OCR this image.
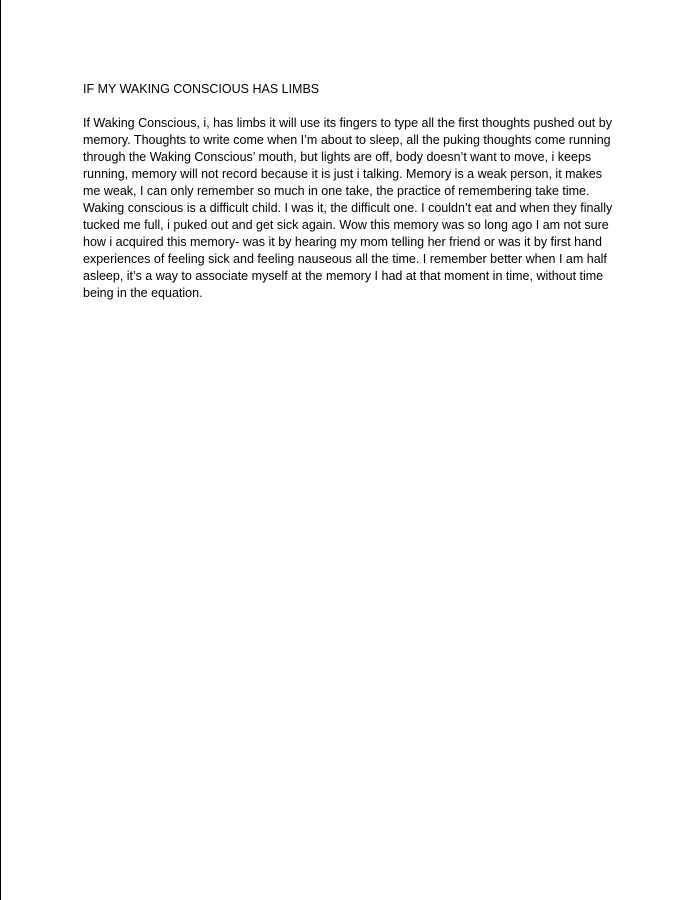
IF MY WAKING CONSCIOUS HAS LIMBS
If Waking Conscious, i, has limbs it will use its fingers to type all the first thoughts pushed out by
memory. Thoughts to write come when I’m about to sleep, all the puking thoughts come running
through the Waking Conscious’ mouth, but lights are off, body doesn’t want to move, i keeps
running, memory will not record because it is just i talking. Memory is a weak person, it makes
me weak, I can only remember so much in one take, the practice of remembering take time.
Waking conscious is a difficult child. I was it, the difficult one. I couldn’t eat and when they finally
tucked me full, i puked out and get sick again. Wow this memory was so long ago I am not sure
how i acquired this memory- was it by hearing my mom telling her friend or was it by first hand
experiences of feeling sick and feeling nauseous all the time. I remember better when I am half
asleep, it’s a way to associate myself at the memory I had at that moment in time, without time
being in the equation.
